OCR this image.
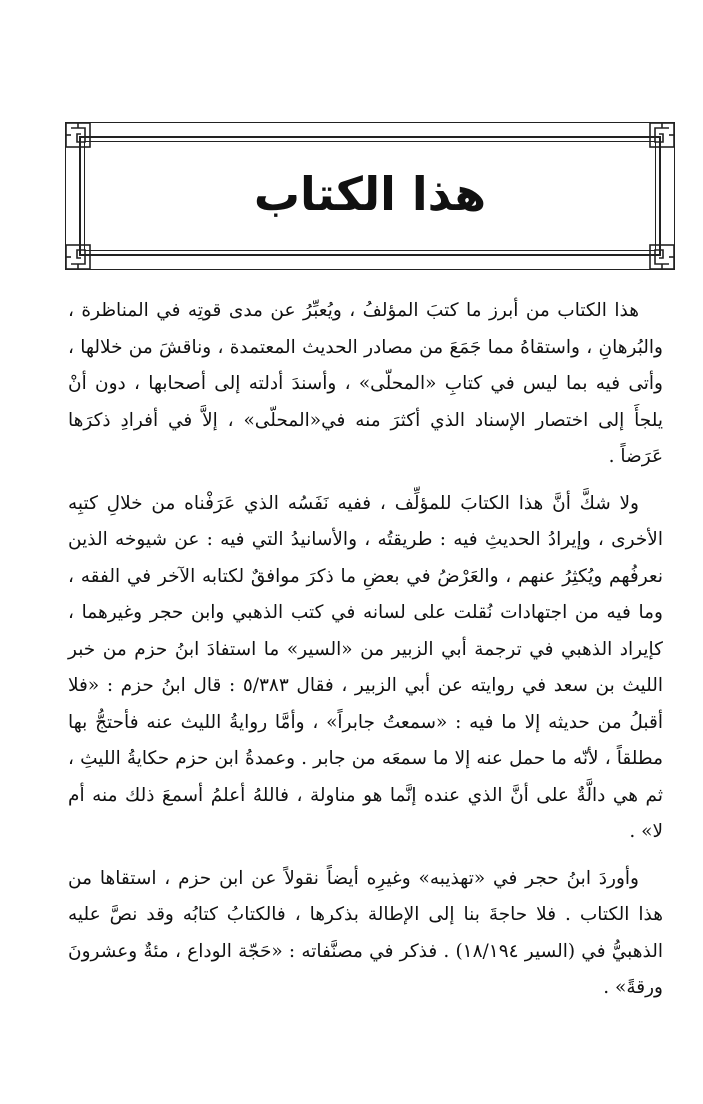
هذا الكتاب

هذا الكتاب من أبرز ما كتبَ المؤلفُ ، ويُعبِّرُ عن مدى قوتِه في المناظرة ، والبُرهانِ ، واستقاهُ مما جَمَعَ من مصادر الحديث المعتمدة ، وناقشَ من خلالها ، وأتى فيه بما ليس في كتابِ «المحلّى» ، وأسندَ أدلته إلى أصحابها ، دون أنْ يلجأَ إلى اختصار الإسناد الذي أكثرَ منه في«المحلّى» ، إلاَّ في أفرادِ ذكرَها عَرَضاً .

ولا شكَّ أنَّ هذا الكتابَ للمؤلِّف ، ففيه نَفَسُه الذي عَرَفْناه من خلالِ كتبِه الأخرى ، وإيرادُ الحديثِ فيه : طريقتُه ، والأسانيدُ التي فيه : عن شيوخه الذين نعرفُهم ويُكثِرُ عنهم ، والعَرْضُ في بعضِ ما ذكرَ موافقٌ لكتابه الآخر في الفقه ، وما فيه من اجتهادات نُقلت على لسانه في كتب الذهبي وابن حجر وغيرهما ، كإيراد الذهبي في ترجمة أبي الزبير من «السير» ما استفادَ ابنُ حزم من خبر الليث بن سعد في روايته عن أبي الزبير ، فقال ٥/٣٨٣ : قال ابنُ حزم : «فلا أقبلُ من حديثه إلا ما فيه : «سمعتُ جابراً» ، وأمَّا روايةُ الليث عنه فأحتجُّ بها مطلقاً ، لأنّه ما حمل عنه إلا ما سمعَه من جابر . وعمدةُ ابن حزم حكايةُ الليثِ ، ثم هي دالَّةٌ على أنَّ الذي عنده إنَّما هو مناولة ، فاللهُ أعلمُ أسمعَ ذلك منه أم لا» .

وأوردَ ابنُ حجر في «تهذيبه» وغيرِه أيضاً نقولاً عن ابن حزم ، استقاها من هذا الكتاب . فلا حاجةَ بنا إلى الإطالة بذكرها ، فالكتابُ كتابُه وقد نصَّ عليه الذهبيُّ في (السير ١٨/١٩٤) . فذكر في مصنَّفاته : «حَجّة الوداع ، مئةٌ وعشرونَ ورقةً» .
